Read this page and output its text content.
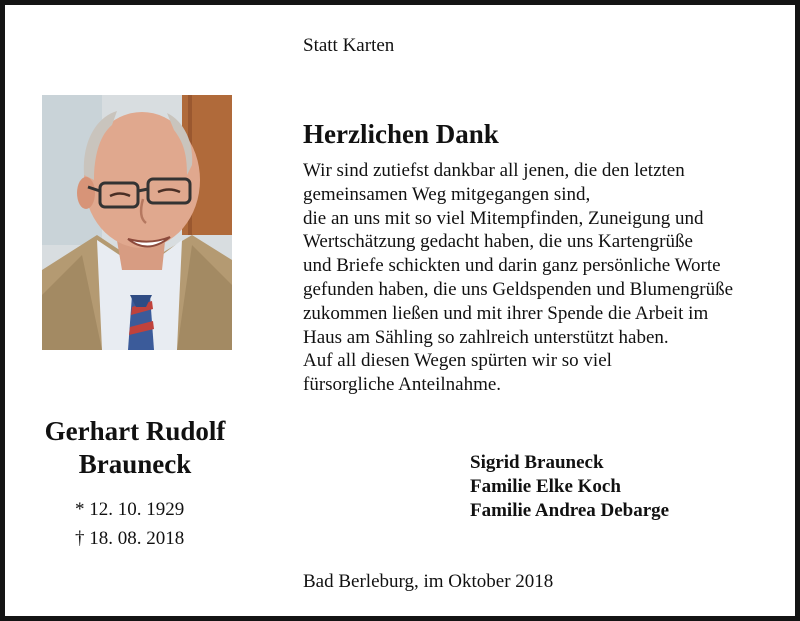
Statt Karten
Herzlichen Dank
Wir sind zutiefst dankbar all jenen, die den letzten
gemeinsamen Weg mitgegangen sind,
die an uns mit so viel Mitempfinden, Zuneigung und
Wertschätzung gedacht haben, die uns Kartengrüße
und Briefe schickten und darin ganz persönliche Worte
gefunden haben, die uns Geldspenden und Blumengrüße
zukommen ließen und mit ihrer Spende die Arbeit im
Haus am Sähling so zahlreich unterstützt haben.
Auf all diesen Wegen spürten wir so viel
fürsorgliche Anteilnahme.
Gerhart Rudolf
Brauneck
* 12. 10. 1929
† 18. 08. 2018
Sigrid Brauneck
Familie Elke Koch
Familie Andrea Debarge
Bad Berleburg, im Oktober 2018
